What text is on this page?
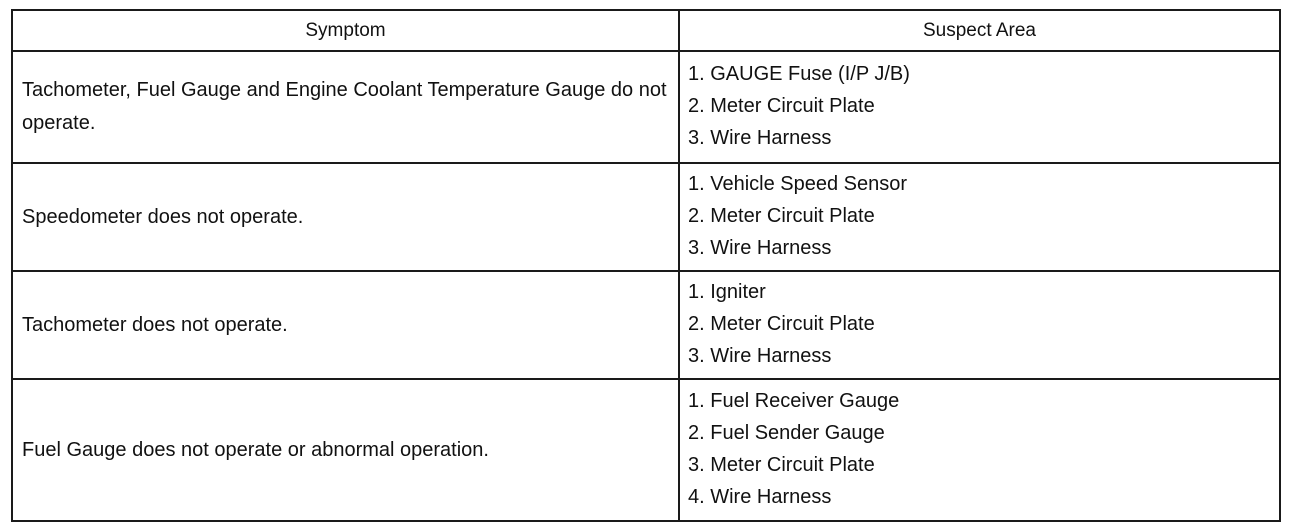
Symptom	Suspect Area
Tachometer, Fuel Gauge and Engine Coolant Temperature Gauge do not operate.	1. GAUGE Fuse (I/P J/B)
2. Meter Circuit Plate
3. Wire Harness

Speedometer does not operate.	1. Vehicle Speed Sensor
2. Meter Circuit Plate
3. Wire Harness

Tachometer does not operate.	1. Igniter
2. Meter Circuit Plate
3. Wire Harness

Fuel Gauge does not operate or abnormal operation.	1. Fuel Receiver Gauge
2. Fuel Sender Gauge
3. Meter Circuit Plate
4. Wire Harness
